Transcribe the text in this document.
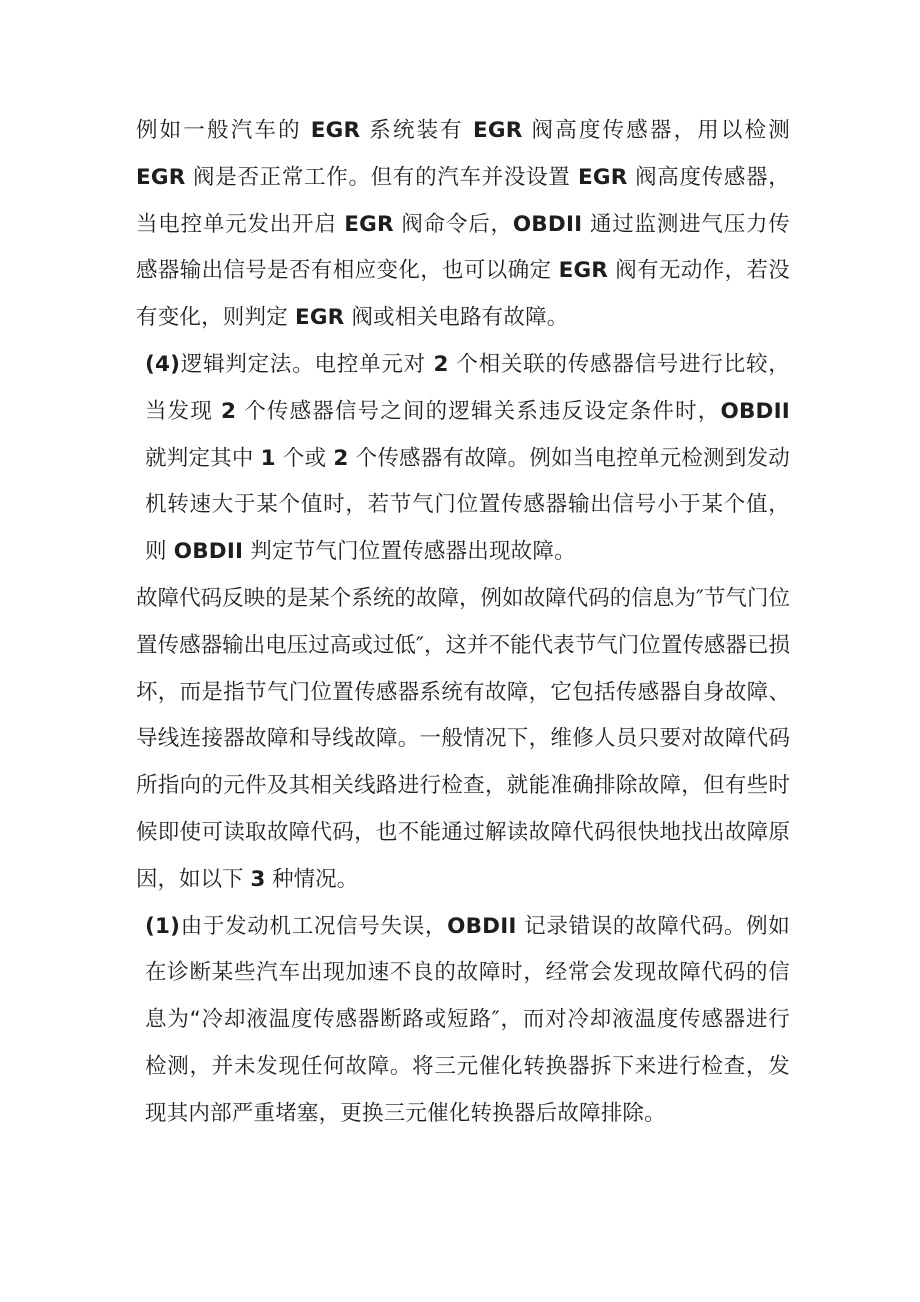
例如一般汽车的 EGR 系统装有 EGR 阀高度传感器，用以检测 EGR 阀是否正常工作。但有的汽车并没设置 EGR 阀高度传感器，当电控单元发出开启 EGR 阀命令后，OBDII 通过监测进气压力传感器输出信号是否有相应变化，也可以确定 EGR 阀有无动作，若没有变化，则判定 EGR 阀或相关电路有故障。

(4)逻辑判定法。电控单元对 2 个相关联的传感器信号进行比较，当发现 2 个传感器信号之间的逻辑关系违反设定条件时，OBDII 就判定其中 1 个或 2 个传感器有故障。例如当电控单元检测到发动机转速大于某个值时，若节气门位置传感器输出信号小于某个值，则 OBDII 判定节气门位置传感器出现故障。

故障代码反映的是某个系统的故障，例如故障代码的信息为″节气门位置传感器输出电压过高或过低″，这并不能代表节气门位置传感器已损坏，而是指节气门位置传感器系统有故障，它包括传感器自身故障、导线连接器故障和导线故障。一般情况下，维修人员只要对故障代码所指向的元件及其相关线路进行检查，就能准确排除故障，但有些时候即使可读取故障代码，也不能通过解读故障代码很快地找出故障原因，如以下 3 种情况。

(1)由于发动机工况信号失误，OBDII 记录错误的故障代码。例如在诊断某些汽车出现加速不良的故障时，经常会发现故障代码的信息为“冷却液温度传感器断路或短路″，而对冷却液温度传感器进行检测，并未发现任何故障。将三元催化转换器拆下来进行检查，发现其内部严重堵塞，更换三元催化转换器后故障排除。
